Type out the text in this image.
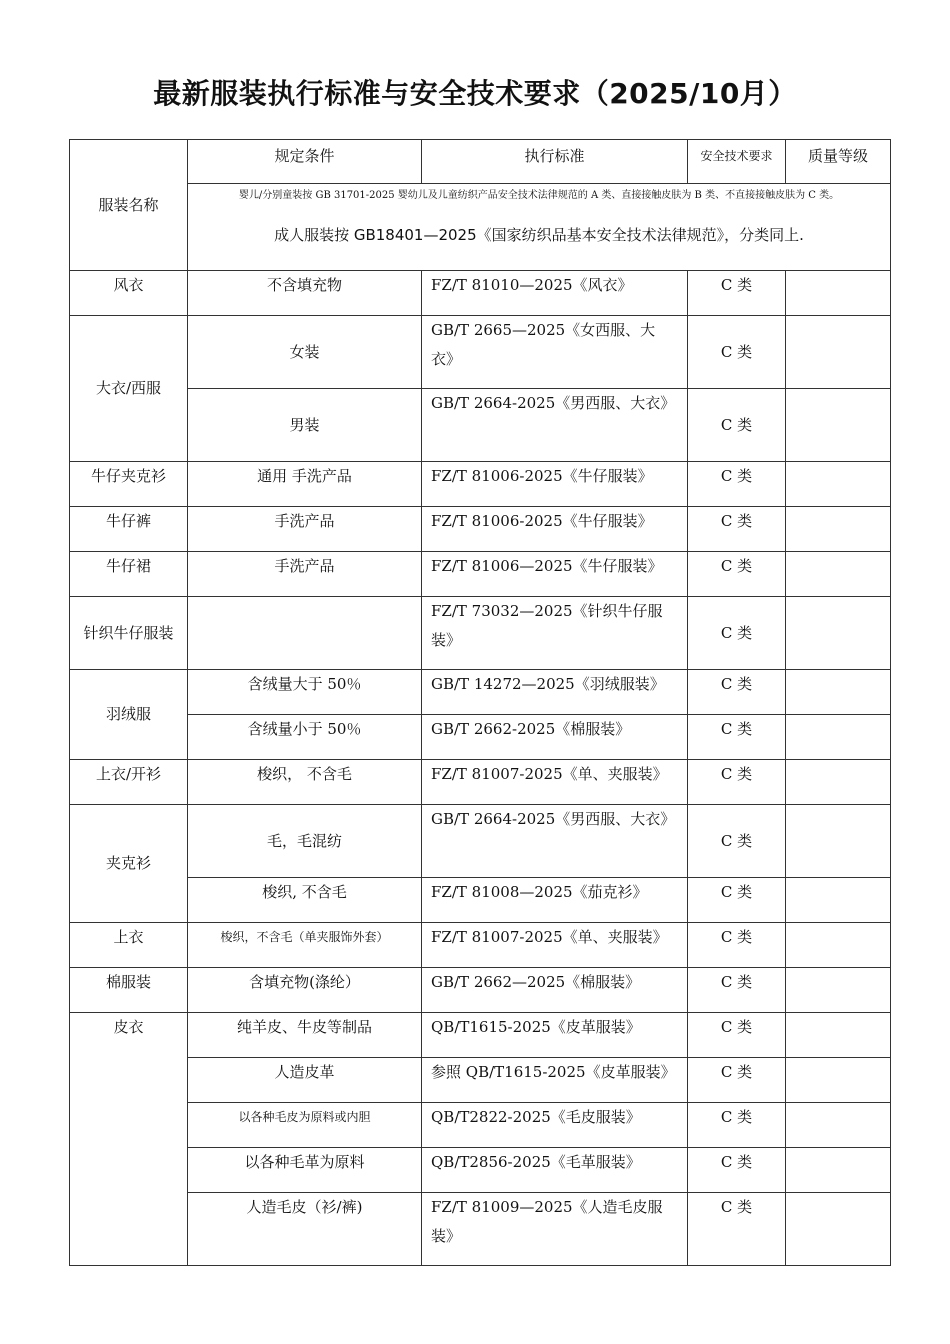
最新服装执行标准与安全技术要求（2025/10月）
服装名称	规定条件	执行标准	安全技术要求	质量等级

	婴儿/分别童装按 GB 31701-2025 婴幼儿及儿童纺织产品安全技术法律规范的 A 类、直接接触皮肤为 B 类、不直接接触皮肤为 C 类。
成人服装按 GB18401—2025《国家纺织品基本安全技术法律规范》，分类同上.			

风衣	不含填充物	FZ/T 81010—2025《风衣》	C 类	
大衣/西服	女装	GB/T 2665—2025《女西服、大衣》	C 类	
	男装	GB/T 2664-2025《男西服、大衣》	C 类	
牛仔夹克衫	通用 手洗产品	FZ/T 81006-2025《牛仔服装》	C 类	
牛仔裤	手洗产品	FZ/T 81006-2025《牛仔服装》	C 类	
牛仔裙	手洗产品	FZ/T 81006—2025《牛仔服装》	C 类	
针织牛仔服装		FZ/T 73032—2025《针织牛仔服装》	C 类	
羽绒服	含绒量大于 50％	GB/T 14272—2025《羽绒服装》	C 类	
	含绒量小于 50％	GB/T 2662-2025《棉服装》	C 类	
上衣/开衫	梭织， 不含毛	FZ/T 81007-2025《单、夹服装》	C 类	
夹克衫	毛，毛混纺	GB/T 2664-2025《男西服、大衣》	C 类	
	梭织, 不含毛	FZ/T 81008—2025《茄克衫》	C 类	
上衣	梭织，不含毛（单夹服饰外套）	FZ/T 81007-2025《单、夹服装》	C 类	
棉服装	含填充物(涤纶）	GB/T 2662—2025《棉服装》	C 类	
皮衣	纯羊皮、牛皮等制品	QB/T1615-2025《皮革服装》	C 类	
	人造皮革	参照 QB/T1615-2025《皮革服装》	C 类	
	以各种毛皮为原料或内胆	QB/T2822-2025《毛皮服装》	C 类	
	以各种毛革为原料	QB/T2856-2025《毛革服装》	C 类	
	人造毛皮（衫/裤)	FZ/T 81009—2025《人造毛皮服装》	C 类	
